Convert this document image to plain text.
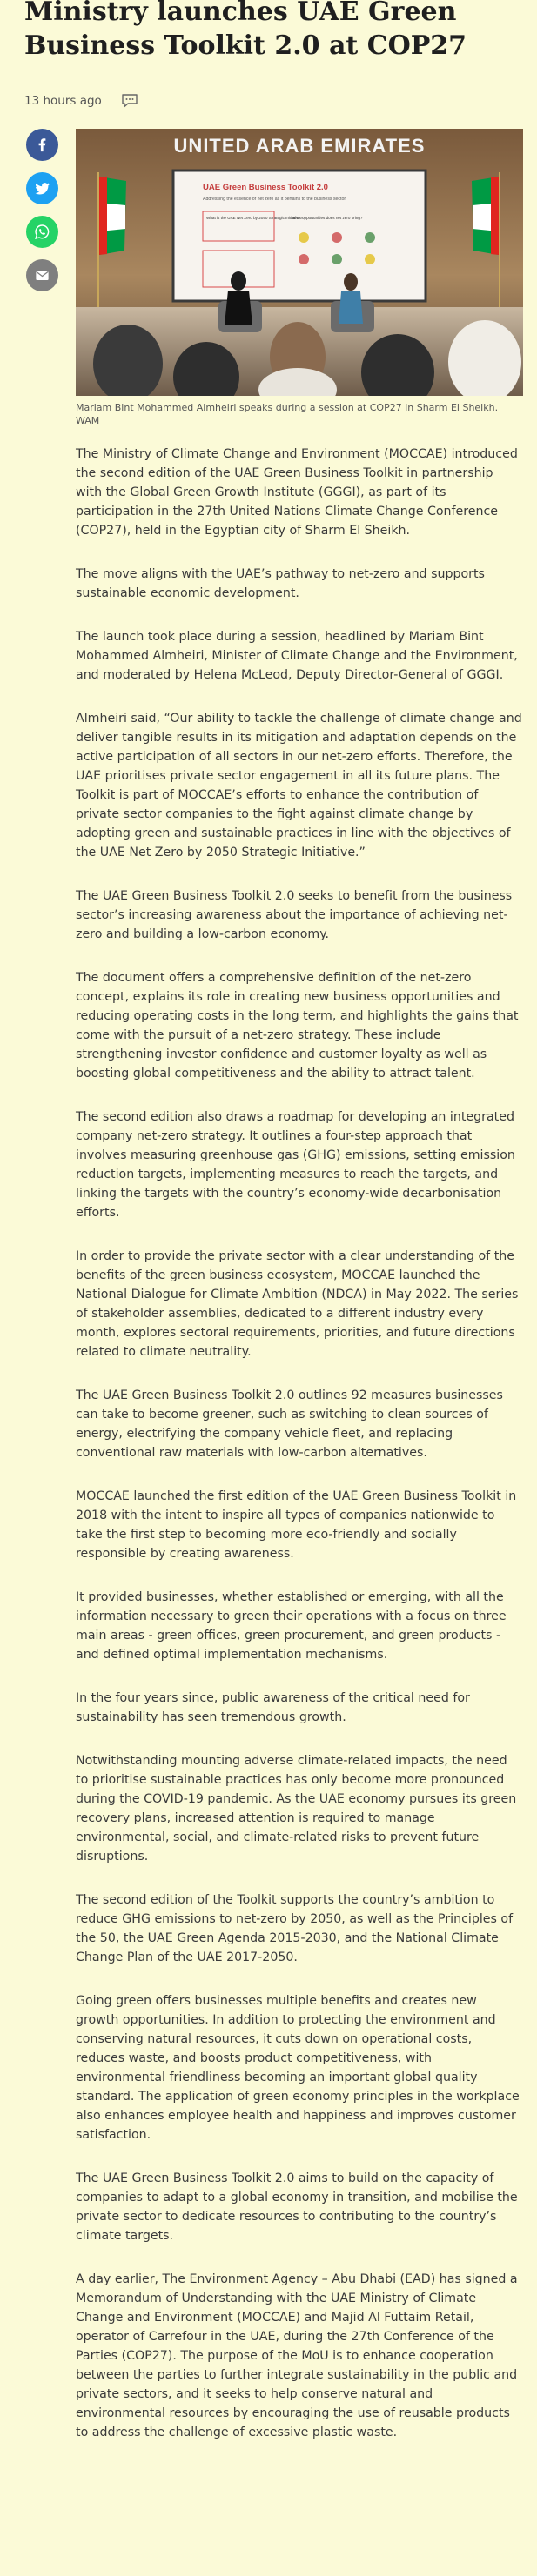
Ministry launches UAE Green Business Toolkit 2.0 at COP27
13 hours ago
UNITED ARAB EMIRATES
UAE Green Business Toolkit 2.0
Addressing the essence of net zero as it pertains to the business sector
What is the UAE Net Zero by 2050 Strategic Initiative?
What opportunities does net zero bring?
Mariam Bint Mohammed Almheiri speaks during a session at COP27 in Sharm El Sheikh. WAM

The Ministry of Climate Change and Environment (MOCCAE) introduced the second edition of the UAE Green Business Toolkit in partnership with the Global Green Growth Institute (GGGI), as part of its participation in the 27th United Nations Climate Change Conference (COP27), held in the Egyptian city of Sharm El Sheikh.

The move aligns with the UAE’s pathway to net-zero and supports sustainable economic development.

The launch took place during a session, headlined by Mariam Bint Mohammed Almheiri, Minister of Climate Change and the Environment, and moderated by Helena McLeod, Deputy Director-General of GGGI.

Almheiri said, “Our ability to tackle the challenge of climate change and deliver tangible results in its mitigation and adaptation depends on the active participation of all sectors in our net-zero efforts. Therefore, the UAE prioritises private sector engagement in all its future plans. The Toolkit is part of MOCCAE’s efforts to enhance the contribution of private sector companies to the fight against climate change by adopting green and sustainable practices in line with the objectives of the UAE Net Zero by 2050 Strategic Initiative.”

The UAE Green Business Toolkit 2.0 seeks to benefit from the business sector’s increasing awareness about the importance of achieving net-zero and building a low-carbon economy.

The document offers a comprehensive definition of the net-zero concept, explains its role in creating new business opportunities and reducing operating costs in the long term, and highlights the gains that come with the pursuit of a net-zero strategy. These include strengthening investor confidence and customer loyalty as well as boosting global competitiveness and the ability to attract talent.

The second edition also draws a roadmap for developing an integrated company net-zero strategy. It outlines a four-step approach that involves measuring greenhouse gas (GHG) emissions, setting emission reduction targets, implementing measures to reach the targets, and linking the targets with the country’s economy-wide decarbonisation efforts.

In order to provide the private sector with a clear understanding of the benefits of the green business ecosystem, MOCCAE launched the National Dialogue for Climate Ambition (NDCA) in May 2022. The series of stakeholder assemblies, dedicated to a different industry every month, explores sectoral requirements, priorities, and future directions related to climate neutrality.

The UAE Green Business Toolkit 2.0 outlines 92 measures businesses can take to become greener, such as switching to clean sources of energy, electrifying the company vehicle fleet, and replacing conventional raw materials with low-carbon alternatives.

MOCCAE launched the first edition of the UAE Green Business Toolkit in 2018 with the intent to inspire all types of companies nationwide to take the first step to becoming more eco-friendly and socially responsible by creating awareness.

It provided businesses, whether established or emerging, with all the information necessary to green their operations with a focus on three main areas - green offices, green procurement, and green products - and defined optimal implementation mechanisms.

In the four years since, public awareness of the critical need for sustainability has seen tremendous growth.

Notwithstanding mounting adverse climate-related impacts, the need to prioritise sustainable practices has only become more pronounced during the COVID-19 pandemic. As the UAE economy pursues its green recovery plans, increased attention is required to manage environmental, social, and climate-related risks to prevent future disruptions.

The second edition of the Toolkit supports the country’s ambition to reduce GHG emissions to net-zero by 2050, as well as the Principles of the 50, the UAE Green Agenda 2015-2030, and the National Climate Change Plan of the UAE 2017-2050.

Going green offers businesses multiple benefits and creates new growth opportunities. In addition to protecting the environment and conserving natural resources, it cuts down on operational costs, reduces waste, and boosts product competitiveness, with environmental friendliness becoming an important global quality standard. The application of green economy principles in the workplace also enhances employee health and happiness and improves customer satisfaction.

The UAE Green Business Toolkit 2.0 aims to build on the capacity of companies to adapt to a global economy in transition, and mobilise the private sector to dedicate resources to contributing to the country’s climate targets.

A day earlier, The Environment Agency – Abu Dhabi (EAD) has signed a Memorandum of Understanding with the UAE Ministry of Climate Change and Environment (MOCCAE) and Majid Al Futtaim Retail, operator of Carrefour in the UAE, during the 27th Conference of the Parties (COP27). The purpose of the MoU is to enhance cooperation between the parties to further integrate sustainability in the public and private sectors, and it seeks to help conserve natural and environmental resources by encouraging the use of reusable products to address the challenge of excessive plastic waste.
